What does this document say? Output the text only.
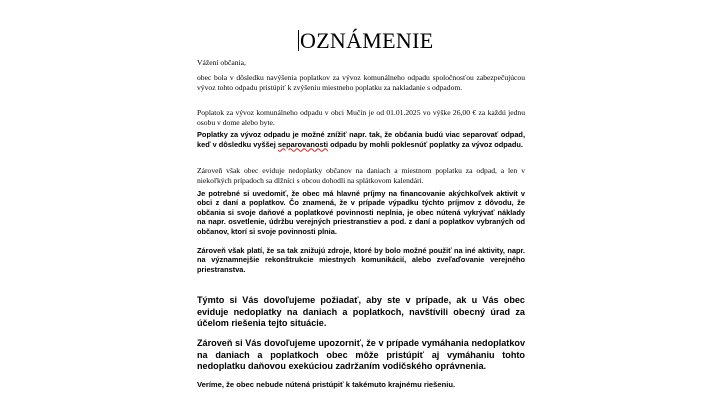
OZNÁMENIE

Vážení občania,

obec bola v dôsledku navýšenia poplatkov za vývoz komunálneho odpadu spoločnosťou zabezpečujúcou vývoz tohto odpadu pristúpiť k zvýšeniu miestneho poplatku za nakladanie s odpadom.

Poplatok za vývoz komunálneho odpadu v obci Mučín je od 01.01.2025 vo výške 26,00 € za každú jednu osobu v dome alebo byte.

Poplatky za vývoz odpadu je možné znížiť napr. tak, že občania budú viac separovať odpad, keď v dôsledku vyššej separovanosti odpadu by mohli poklesnúť poplatky za vývoz odpadu.

Zároveň však obec eviduje nedoplatky občanov na daniach a miestnom poplatku za odpad, a len v niekoľkých prípadoch sa dlžníci s obcou dohodli na splátkovom kalendári.

Je potrebné si uvedomiť, že obec má hlavné príjmy na financovanie akýchkoľvek aktivít v obci z daní a poplatkov. Čo znamená, že v prípade výpadku týchto príjmov z dôvodu, že občania si svoje daňové a poplatkové povinnosti neplnia, je obec nútená vykrývať náklady na napr. osvetlenie, údržbu verejných priestranstiev a pod. z daní a poplatkov vybraných od občanov, ktorí si svoje povinnosti plnia.

Zároveň však platí, že sa tak znižujú zdroje, ktoré by bolo možné použiť na iné aktivity, napr. na významnejšie rekonštrukcie miestnych komunikácií, alebo zveľaďovanie verejného priestranstva.

Týmto si Vás dovoľujeme požiadať, aby ste v prípade, ak u Vás obec eviduje nedoplatky na daniach a poplatkoch, navštívili obecný úrad za účelom riešenia tejto situácie.

Zároveň si Vás dovoľujeme upozorniť, že v prípade vymáhania nedoplatkov na daniach a poplatkoch obec môže pristúpiť aj vymáhaniu tohto nedoplatku daňovou exekúciou zadržaním vodičského oprávnenia.

Veríme, že obec nebude nútená pristúpiť k takémuto krajnému riešeniu.
